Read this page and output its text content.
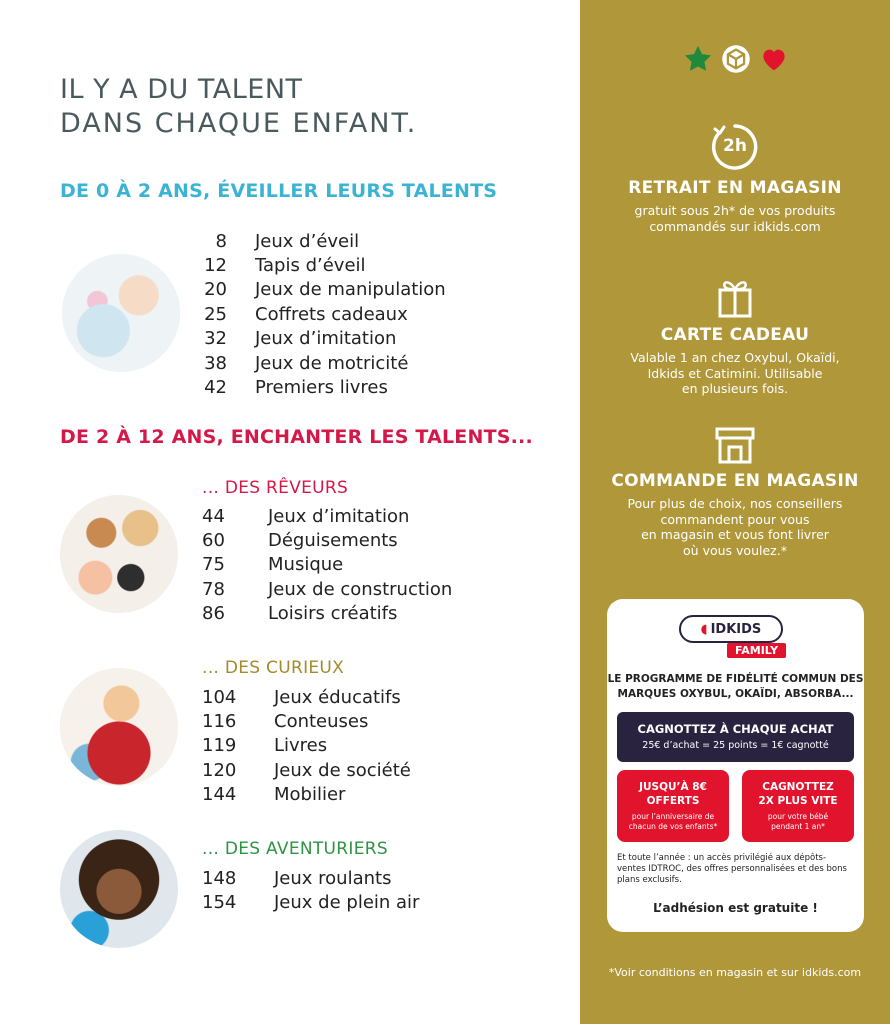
IL Y A DU TALENT
DANS CHAQUE ENFANT.
DE 0 À 2 ANS, ÉVEILLER LEURS TALENTS
8 Jeux d’éveil
12 Tapis d’éveil
20 Jeux de manipulation
25 Coffrets cadeaux
32 Jeux d’imitation
38 Jeux de motricité
42 Premiers livres
DE 2 À 12 ANS, ENCHANTER LES TALENTS...
... DES RÊVEURS
44 Jeux d’imitation
60 Déguisements
75 Musique
78 Jeux de construction
86 Loisirs créatifs
... DES CURIEUX
104 Jeux éducatifs
116 Conteuses
119 Livres
120 Jeux de société
144 Mobilier
... DES AVENTURIERS
148 Jeux roulants
154 Jeux de plein air
2h
RETRAIT EN MAGASIN
gratuit sous 2h* de vos produits
commandés sur idkids.com
CARTE CADEAU
Valable 1 an chez Oxybul, Okaïdi,
Idkids et Catimini. Utilisable
en plusieurs fois.
COMMANDE EN MAGASIN
Pour plus de choix, nos conseillers
commandent pour vous
en magasin et vous font livrer
où vous voulez.*
◖ IDKIDS
FAMILY
LE PROGRAMME DE FIDÉLITÉ COMMUN DES
MARQUES OXYBUL, OKAÏDI, ABSORBA...
CAGNOTTEZ À CHAQUE ACHAT
25€ d’achat = 25 points = 1€ cagnotté
JUSQU’À 8€
OFFERTS
pour l’anniversaire de
chacun de vos enfants*
CAGNOTTEZ
2X PLUS VITE
pour votre bébé
pendant 1 an*
Et toute l’année : un accès privilégié aux dépôts-ventes IDTROC, des offres personnalisées et des bons plans exclusifs.
L’adhésion est gratuite !
*Voir conditions en magasin et sur idkids.com
